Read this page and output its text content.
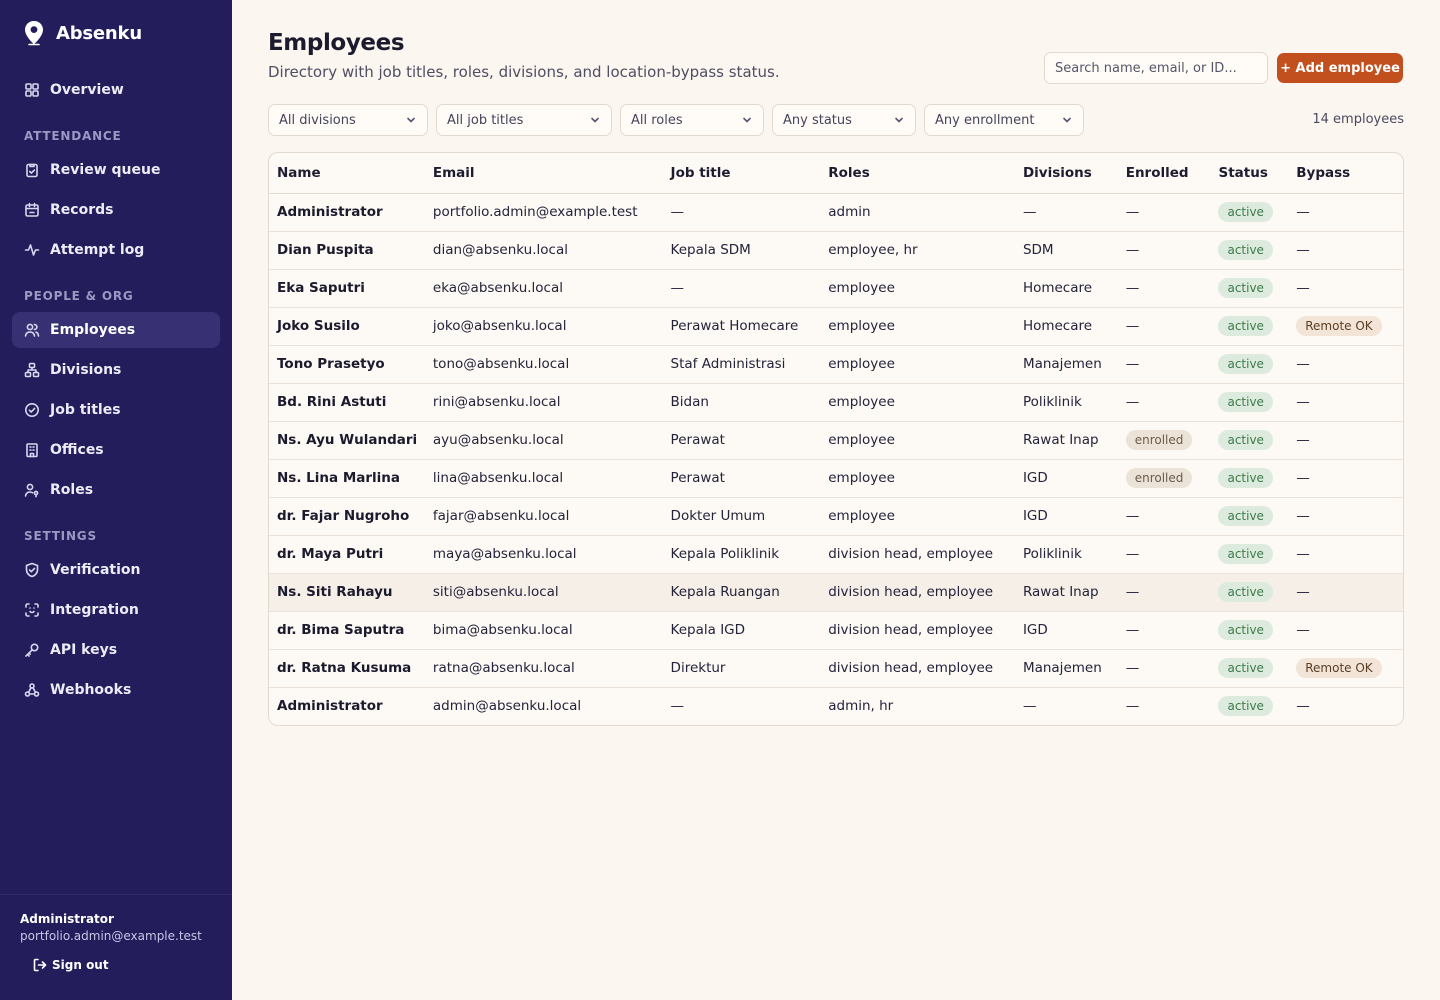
Absenku
Overview
ATTENDANCE
Review queue
Records
Attempt log
PEOPLE & ORG
Employees
Divisions
Job titles
Offices
Roles
SETTINGS
Verification
Integration
API keys
Webhooks
Administrator
portfolio.admin@example.test
Sign out
Employees

Directory with job titles, roles, divisions, and location-bypass status.

Search name, email, or ID...	+ Add employee
All divisions	All job titles	All roles	Any status	Any enrollment	14 employees
Name	Email	Job title	Roles	Divisions	Enrolled	Status	Bypass
Administrator	portfolio.admin@example.test	—	admin	—	—	active	—
Dian Puspita	dian@absenku.local	Kepala SDM	employee, hr	SDM	—	active	—
Eka Saputri	eka@absenku.local	—	employee	Homecare	—	active	—
Joko Susilo	joko@absenku.local	Perawat Homecare	employee	Homecare	—	active	Remote OK
Tono Prasetyo	tono@absenku.local	Staf Administrasi	employee	Manajemen	—	active	—
Bd. Rini Astuti	rini@absenku.local	Bidan	employee	Poliklinik	—	active	—
Ns. Ayu Wulandari	ayu@absenku.local	Perawat	employee	Rawat Inap	enrolled	active	—
Ns. Lina Marlina	lina@absenku.local	Perawat	employee	IGD	enrolled	active	—
dr. Fajar Nugroho	fajar@absenku.local	Dokter Umum	employee	IGD	—	active	—
dr. Maya Putri	maya@absenku.local	Kepala Poliklinik	division head, employee	Poliklinik	—	active	—
Ns. Siti Rahayu	siti@absenku.local	Kepala Ruangan	division head, employee	Rawat Inap	—	active	—
dr. Bima Saputra	bima@absenku.local	Kepala IGD	division head, employee	IGD	—	active	—
dr. Ratna Kusuma	ratna@absenku.local	Direktur	division head, employee	Manajemen	—	active	Remote OK
Administrator	admin@absenku.local	—	admin, hr	—	—	active	—
